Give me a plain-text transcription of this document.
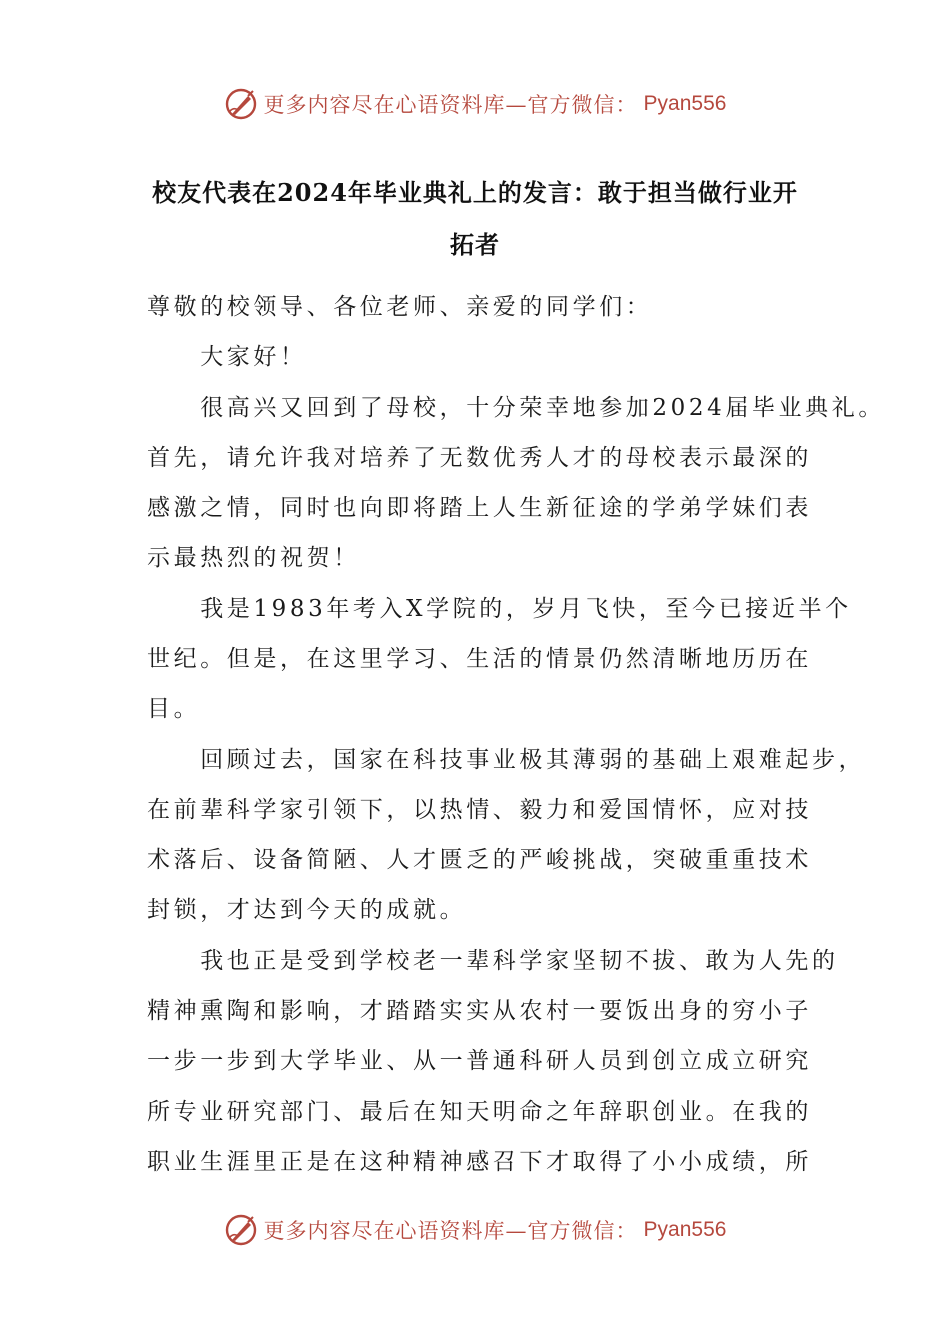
更多内容尽在心语资料库—官方微信： Pyan556
校友代表在2024年毕业典礼上的发言：敢于担当做行业开
拓者
尊敬的校领导、各位老师、亲爱的同学们：
　　大家好！
　　很高兴又回到了母校，十分荣幸地参加2024届毕业典礼。
首先，请允许我对培养了无数优秀人才的母校表示最深的
感激之情，同时也向即将踏上人生新征途的学弟学妹们表
示最热烈的祝贺！
　　我是1983年考入X学院的，岁月飞快，至今已接近半个
世纪。但是，在这里学习、生活的情景仍然清晰地历历在
目。
　　回顾过去，国家在科技事业极其薄弱的基础上艰难起步，
在前辈科学家引领下，以热情、毅力和爱国情怀，应对技
术落后、设备简陋、人才匮乏的严峻挑战，突破重重技术
封锁，才达到今天的成就。
　　我也正是受到学校老一辈科学家坚韧不拔、敢为人先的
精神熏陶和影响，才踏踏实实从农村一要饭出身的穷小子
一步一步到大学毕业、从一普通科研人员到创立成立研究
所专业研究部门、最后在知天明命之年辞职创业。在我的
职业生涯里正是在这种精神感召下才取得了小小成绩，所
更多内容尽在心语资料库—官方微信： Pyan556
